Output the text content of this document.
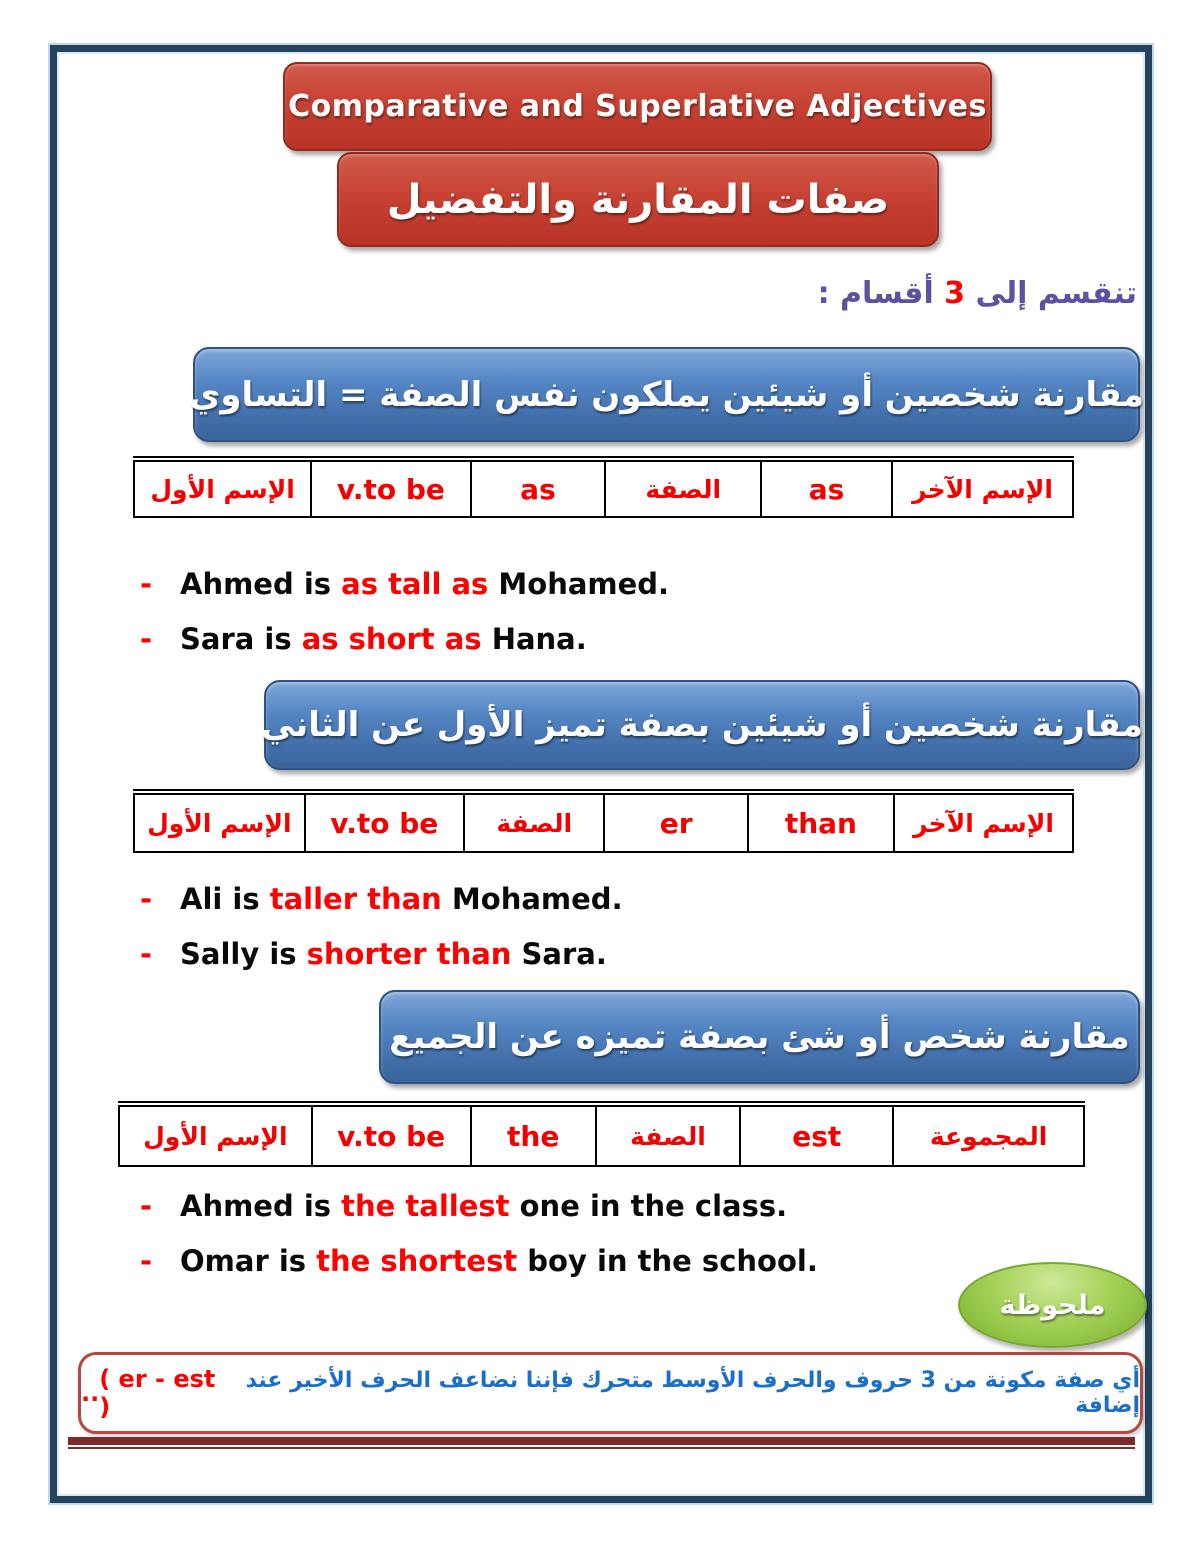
Comparative and Superlative Adjectives
صفات المقارنة والتفضيل
تنقسم إلى 3 أقسام :
مقارنة شخصين أو شيئين يملكون نفس الصفة = التساوي
الإسم الأول	v.to be	as	الصفة	as	الإسم الآخر
- Ahmed is as tall as Mohamed.
- Sara is as short as Hana.
مقارنة شخصين أو شيئين بصفة تميز الأول عن الثاني
الإسم الأول	v.to be	الصفة	er	than	الإسم الآخر
- Ali is taller than Mohamed.
- Sally is shorter than Sara.
مقارنة شخص أو شئ بصفة تميزه عن الجميع
الإسم الأول	v.to be	the	الصفة	est	المجموعة
- Ahmed is the tallest one in the class.
- Omar is the shortest boy in the school.
ملحوظة
أي صفة مكونة من 3 حروف والحرف الأوسط متحرك فإننا نضاعف الحرف الأخير عند إضافة
( er - est )
..
